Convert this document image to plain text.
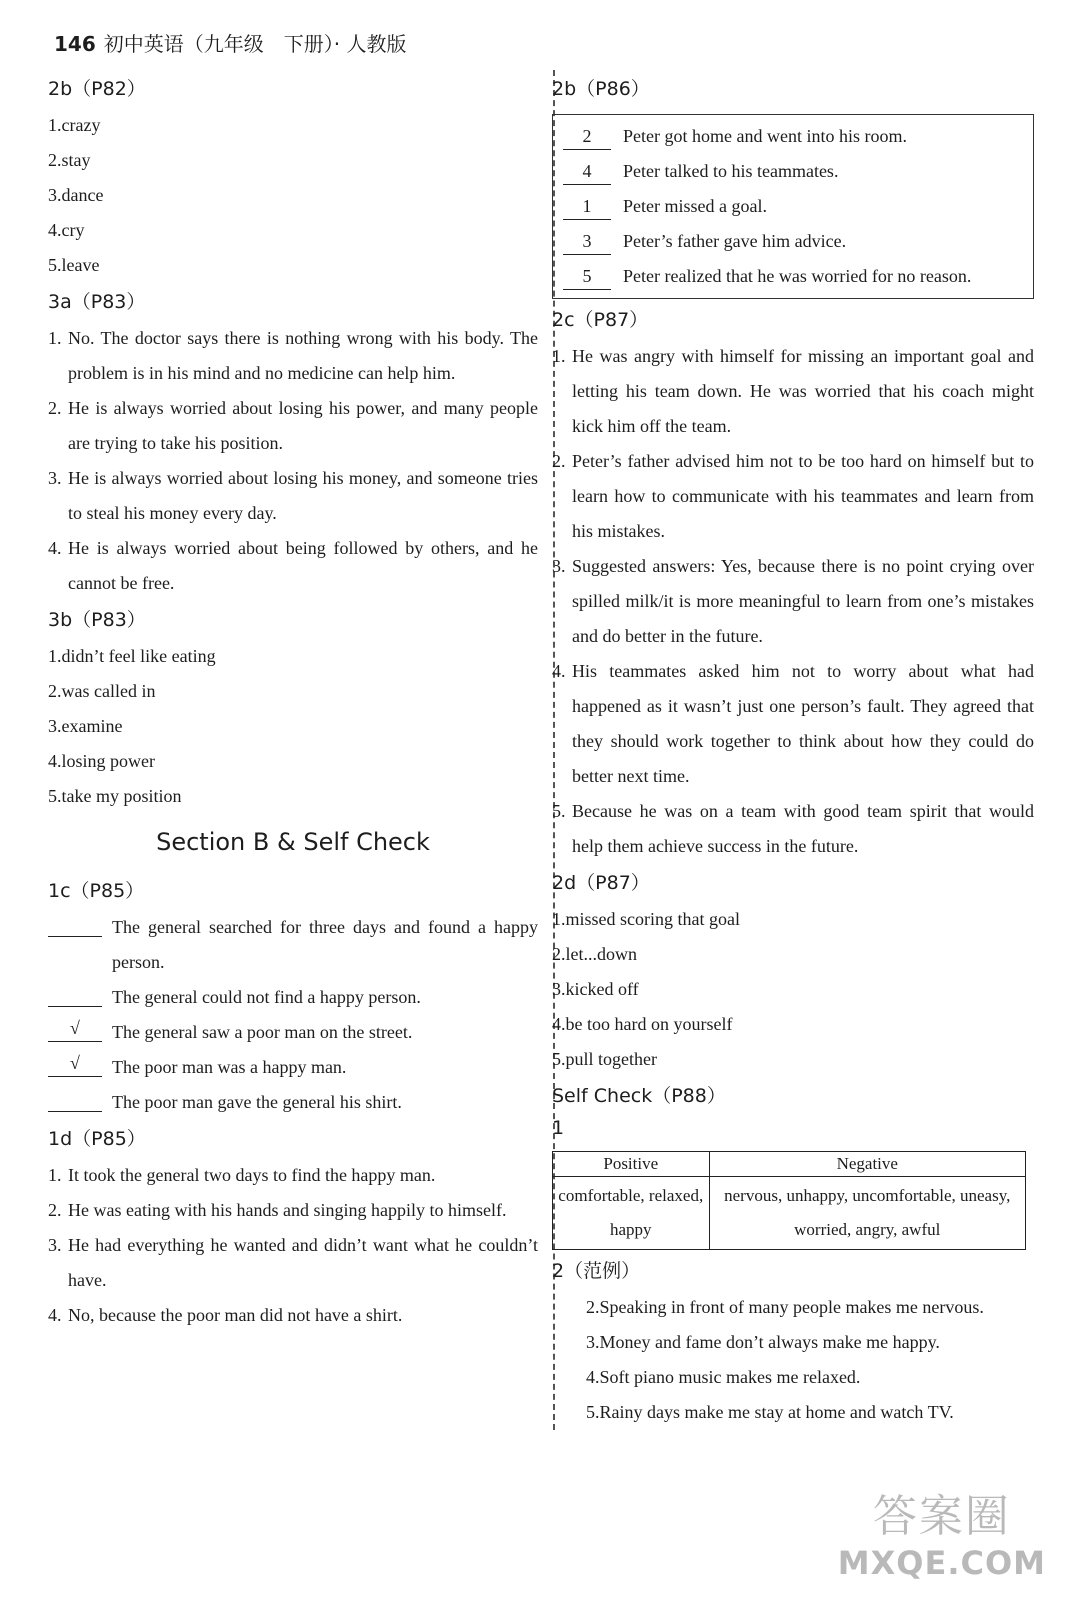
146 初中英语（九年级　下册）· 人教版
2b（P82）
1.crazy
2.stay
3.dance
4.cry
5.leave
3a（P83）
1. No. The doctor says there is nothing wrong with his body. The problem is in his mind and no medicine can help him.
2. He is always worried about losing his power, and many people are trying to take his position.
3. He is always worried about losing his money, and someone tries to steal his money every day.
4. He is always worried about being followed by others, and he cannot be free.
3b（P83）
1.didn’t feel like eating
2.was called in
3.examine
4.losing power
5.take my position
Section B & Self Check
1c（P85）
The general searched for three days and found a happy person.
The general could not find a happy person.
√	The general saw a poor man on the street.
√	The poor man was a happy man.
The poor man gave the general his shirt.
1d（P85）
1. It took the general two days to find the happy man.
2. He was eating with his hands and singing happily to himself.
3. He had everything he wanted and didn’t want what he couldn’t have.
4. No, because the poor man did not have a shirt.
2b（P86）
2	Peter got home and went into his room.
4	Peter talked to his teammates.
1	Peter missed a goal.
3	Peter’s father gave him advice.
5	Peter realized that he was worried for no reason.
2c（P87）
1. He was angry with himself for missing an important goal and letting his team down. He was worried that his coach might kick him off the team.
2. Peter’s father advised him not to be too hard on himself but to learn how to communicate with his teammates and learn from his mistakes.
3. Suggested answers: Yes, because there is no point crying over spilled milk/it is more meaningful to learn from one’s mistakes and do better in the future.
4. His teammates asked him not to worry about what had happened as it wasn’t just one person’s fault. They agreed that they should work together to think about how they could do better next time.
5. Because he was on a team with good team spirit that would help them achieve success in the future.
2d（P87）
1.missed scoring that goal
2.let...down
3.kicked off
4.be too hard on yourself
5.pull together
Self Check（P88）
1
Positive	Negative
comfortable, relaxed, happy	nervous, unhappy, uncomfortable, uneasy, worried, angry, awful
2（范例）
2.Speaking in front of many people makes me nervous.
3.Money and fame don’t always make me happy.
4.Soft piano music makes me relaxed.
5.Rainy days make me stay at home and watch TV.
答案圈
MXQE.COM
